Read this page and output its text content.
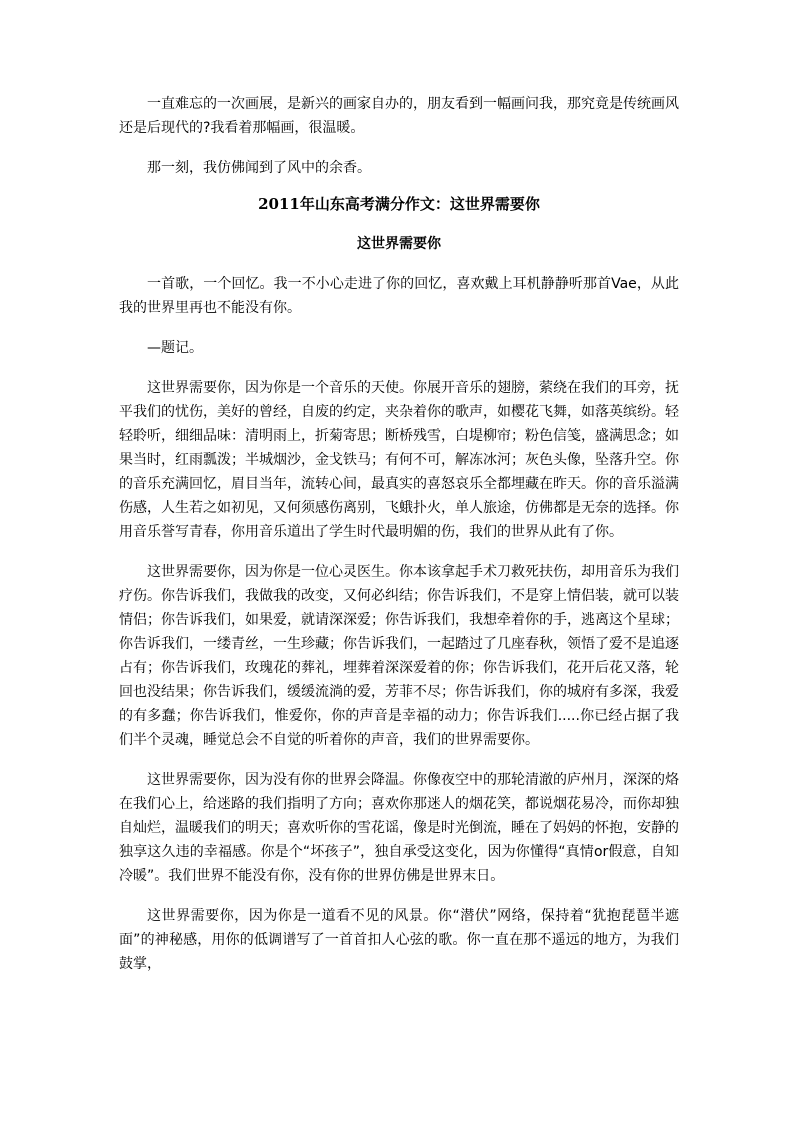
一直难忘的一次画展，是新兴的画家自办的，朋友看到一幅画问我，那究竟是传统画风还是后现代的?我看着那幅画，很温暖。

那一刻，我仿佛闻到了风中的余香。

2011年山东高考满分作文：这世界需要你
这世界需要你

一首歌，一个回忆。我一不小心走进了你的回忆，喜欢戴上耳机静静听那首Vae，从此我的世界里再也不能没有你。

—题记。

这世界需要你，因为你是一个音乐的天使。你展开音乐的翅膀，萦绕在我们的耳旁，抚平我们的忧伤，美好的曾经，自废的约定，夹杂着你的歌声，如樱花飞舞，如落英缤纷。轻轻聆听，细细品味：清明雨上，折菊寄思；断桥残雪，白堤柳帘；粉色信笺，盛满思念；如果当时，红雨瓢泼；半城烟沙，金戈铁马；有何不可，解冻冰河；灰色头像，坠落升空。你的音乐充满回忆，眉目当年，流转心间，最真实的喜怒哀乐全都埋藏在昨天。你的音乐溢满伤感，人生若之如初见，又何须感伤离别，飞蛾扑火，单人旅途，仿佛都是无奈的选择。你用音乐誉写青春，你用音乐道出了学生时代最明媚的伤，我们的世界从此有了你。

这世界需要你，因为你是一位心灵医生。你本该拿起手术刀救死扶伤，却用音乐为我们疗伤。你告诉我们，我做我的改变，又何必纠结；你告诉我们，不是穿上情侣装，就可以装情侣；你告诉我们，如果爱，就请深深爱；你告诉我们，我想牵着你的手，逃离这个星球；你告诉我们，一缕青丝，一生珍藏；你告诉我们，一起踏过了几座春秋，领悟了爱不是追逐占有；你告诉我们，玫瑰花的葬礼，埋葬着深深爱着的你；你告诉我们，花开后花又落，轮回也没结果；你告诉我们，缓缓流淌的爱，芳菲不尽；你告诉我们，你的城府有多深，我爱的有多蠢；你告诉我们，惟爱你，你的声音是幸福的动力；你告诉我们.....你已经占据了我们半个灵魂，睡觉总会不自觉的听着你的声音，我们的世界需要你。

这世界需要你，因为没有你的世界会降温。你像夜空中的那轮清澈的庐州月，深深的烙在我们心上，给迷路的我们指明了方向；喜欢你那迷人的烟花笑，都说烟花易冷，而你却独自灿烂，温暖我们的明天；喜欢听你的雪花谣，像是时光倒流，睡在了妈妈的怀抱，安静的独享这久违的幸福感。你是个“坏孩子”，独自承受这变化，因为你懂得“真情or假意，自知冷暖”。我们世界不能没有你，没有你的世界仿佛是世界末日。

这世界需要你，因为你是一道看不见的风景。你“潜伏”网络，保持着“犹抱琵琶半遮面”的神秘感，用你的低调谱写了一首首扣人心弦的歌。你一直在那不遥远的地方，为我们鼓掌，
